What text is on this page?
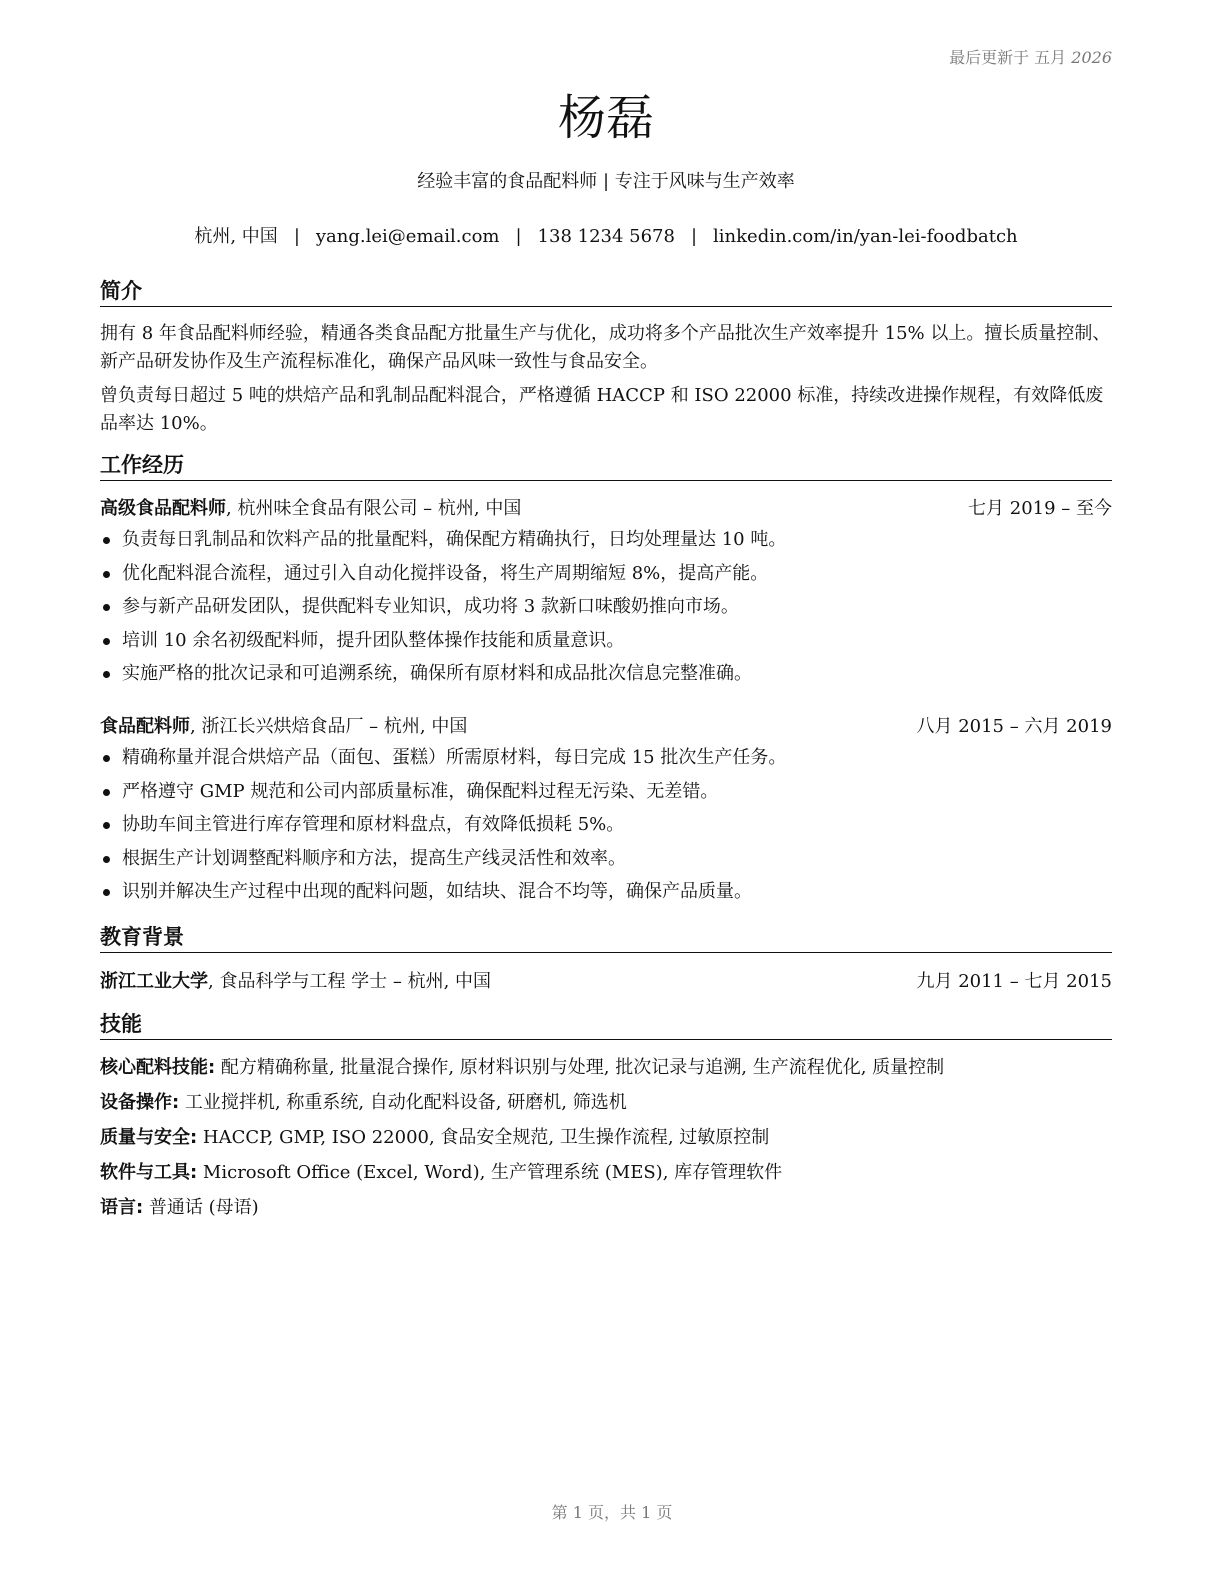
最后更新于 五月 2026
杨磊
经验丰富的食品配料师 | 专注于风味与生产效率
杭州, 中国 | yang.lei@email.com | 138 1234 5678 | linkedin.com/in/yan-lei-foodbatch
简介
拥有 8 年食品配料师经验，精通各类食品配方批量生产与优化，成功将多个产品批次生产效率提升 15% 以上。擅长质量控制、新产品研发协作及生产流程标准化，确保产品风味一致性与食品安全。
曾负责每日超过 5 吨的烘焙产品和乳制品配料混合，严格遵循 HACCP 和 ISO 22000 标准，持续改进操作规程，有效降低废品率达 10%。
工作经历
高级食品配料师, 杭州味全食品有限公司 – 杭州, 中国	七月 2019 – 至今
负责每日乳制品和饮料产品的批量配料，确保配方精确执行，日均处理量达 10 吨。
优化配料混合流程，通过引入自动化搅拌设备，将生产周期缩短 8%，提高产能。
参与新产品研发团队，提供配料专业知识，成功将 3 款新口味酸奶推向市场。
培训 10 余名初级配料师，提升团队整体操作技能和质量意识。
实施严格的批次记录和可追溯系统，确保所有原材料和成品批次信息完整准确。
食品配料师, 浙江长兴烘焙食品厂 – 杭州, 中国	八月 2015 – 六月 2019
精确称量并混合烘焙产品（面包、蛋糕）所需原材料，每日完成 15 批次生产任务。
严格遵守 GMP 规范和公司内部质量标准，确保配料过程无污染、无差错。
协助车间主管进行库存管理和原材料盘点，有效降低损耗 5%。
根据生产计划调整配料顺序和方法，提高生产线灵活性和效率。
识别并解决生产过程中出现的配料问题，如结块、混合不均等，确保产品质量。
教育背景
浙江工业大学, 食品科学与工程 学士 – 杭州, 中国	九月 2011 – 七月 2015
技能
核心配料技能: 配方精确称量, 批量混合操作, 原材料识别与处理, 批次记录与追溯, 生产流程优化, 质量控制
设备操作: 工业搅拌机, 称重系统, 自动化配料设备, 研磨机, 筛选机
质量与安全: HACCP, GMP, ISO 22000, 食品安全规范, 卫生操作流程, 过敏原控制
软件与工具: Microsoft Office (Excel, Word), 生产管理系统 (MES), 库存管理软件
语言: 普通话 (母语)
第 1 页，共 1 页
